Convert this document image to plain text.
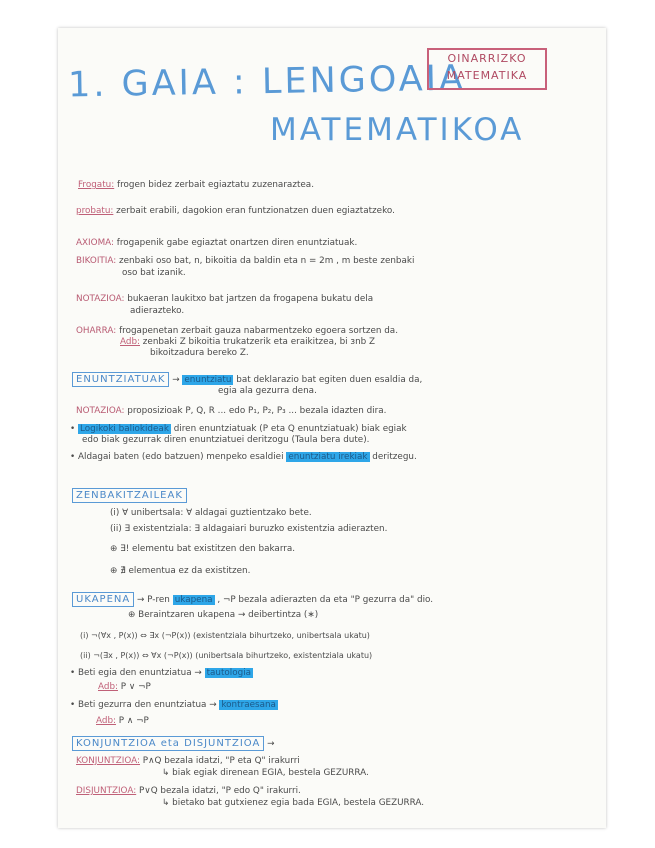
1. GAIA : LENGOAIA
MATEMATIKOA
OINARRIZKO
MATEMATIKA
Frogatu: frogen bidez zerbait egiaztatu zuzenaraztea.
probatu: zerbait erabili, dagokion eran funtzionatzen duen egiaztatzeko.
AXIOMA: frogapenik gabe egiaztat onartzen diren enuntziatuak.
BIKOITIA: zenbaki oso bat, n, bikoitia da baldin eta n = 2m , m beste zenbaki
oso bat izanik.
NOTAZIOA: bukaeran laukitxo bat jartzen da frogapena bukatu dela
adierazteko.
OHARRA: frogapenetan zerbait gauza nabarmentzeko egoera sortzen da.
Adb: zenbaki Z bikoitia trukatzerik eta eraikitzea, bi ɜnb Z
bikoitzadura bereko Z.
ENUNTZIATUAK → enuntziatu bat deklarazio bat egiten duen esaldia da,
egia ala gezurra dena.
NOTAZIOA: proposizioak P, Q, R ... edo P₁, P₂, P₃ ... bezala idazten dira.
• Logikoki baliokideak diren enuntziatuak (P eta Q enuntziatuak) biak egiak
edo biak gezurrak diren enuntziatuei deritzogu (Taula bera dute).
• Aldagai baten (edo batzuen) menpeko esaldiei enuntziatu irekiak deritzegu.
ZENBAKITZAILEAK
(i) ∀ unibertsala: ∀ aldagai guztientzako bete.
(ii) ∃ existentziala: ∃ aldagaiari buruzko existentzia adierazten.
⊕ ∃! elementu bat existitzen den bakarra.
⊕ ∄ elementua ez da existitzen.
UKAPENA → P-ren ukapena , ¬P bezala adierazten da eta "P gezurra da" dio.
⊕ Beraintzaren ukapena → deibertintza (∗)
(i) ¬(∀x , P(x)) ⇔ ∃x (¬P(x)) (existentziala bihurtzeko, unibertsala ukatu)
(ii) ¬(∃x , P(x)) ⇔ ∀x (¬P(x)) (unibertsala bihurtzeko, existentziala ukatu)
• Beti egia den enuntziatua → tautologia
Adb: P ∨ ¬P
• Beti gezurra den enuntziatua → kontraesana
Adb: P ∧ ¬P
KONJUNTZIOA eta DISJUNTZIOA →
KONJUNTZIOA: P∧Q bezala idatzi, "P eta Q" irakurri
↳ biak egiak direnean EGIA, bestela GEZURRA.
DISJUNTZIOA: P∨Q bezala idatzi, "P edo Q" irakurri.
↳ bietako bat gutxienez egia bada EGIA, bestela GEZURRA.
